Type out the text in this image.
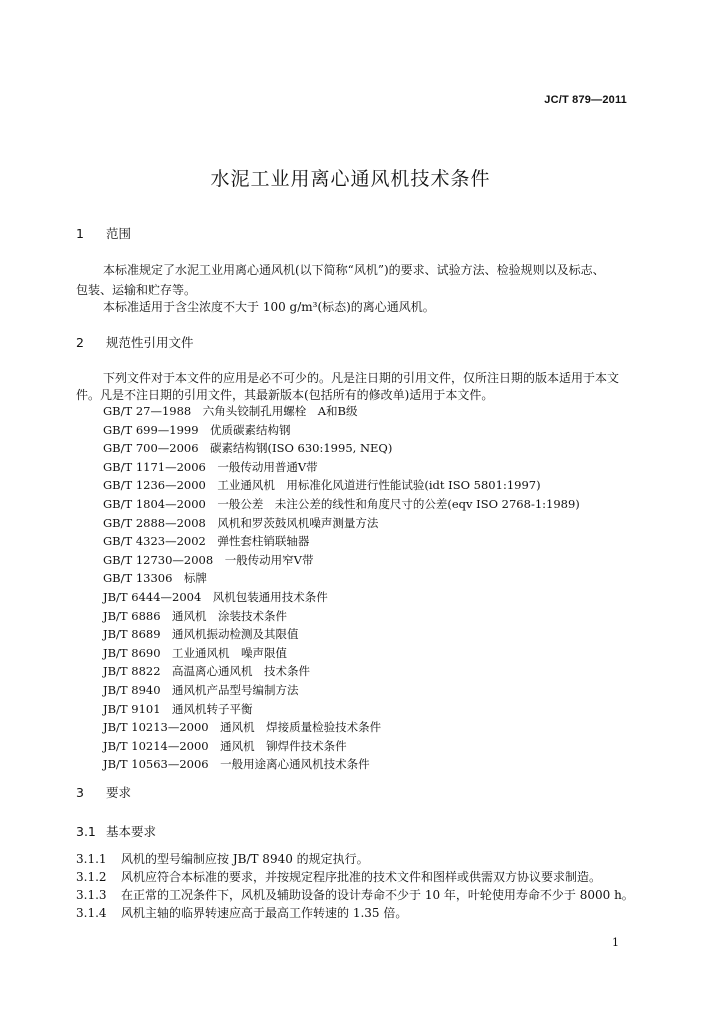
JC/T 879—2011
水泥工业用离心通风机技术条件
1 范围
本标准规定了水泥工业用离心通风机(以下简称“风机”)的要求、试验方法、检验规则以及标志、
包装、运输和贮存等。
本标准适用于含尘浓度不大于 100 g/m³(标态)的离心通风机。
2 规范性引用文件
下列文件对于本文件的应用是必不可少的。凡是注日期的引用文件，仅所注日期的版本适用于本文
件。凡是不注日期的引用文件，其最新版本(包括所有的修改单)适用于本文件。
GB/T 27—1988　六角头铰制孔用螺栓　A和B级
GB/T 699—1999　优质碳素结构钢
GB/T 700—2006　碳素结构钢(ISO 630:1995, NEQ)
GB/T 1171—2006　一般传动用普通V带
GB/T 1236—2000　工业通风机　用标准化风道进行性能试验(idt ISO 5801:1997)
GB/T 1804—2000　一般公差　未注公差的线性和角度尺寸的公差(eqv ISO 2768-1:1989)
GB/T 2888—2008　风机和罗茨鼓风机噪声测量方法
GB/T 4323—2002　弹性套柱销联轴器
GB/T 12730—2008　一般传动用窄V带
GB/T 13306　标牌
JB/T 6444—2004　风机包装通用技术条件
JB/T 6886　通风机　涂装技术条件
JB/T 8689　通风机振动检测及其限值
JB/T 8690　工业通风机　噪声限值
JB/T 8822　高温离心通风机　技术条件
JB/T 8940　通风机产品型号编制方法
JB/T 9101　通风机转子平衡
JB/T 10213—2000　通风机　焊接质量检验技术条件
JB/T 10214—2000　通风机　铆焊件技术条件
JB/T 10563—2006　一般用途离心通风机技术条件
3 要求
3.1 基本要求
3.1.1 风机的型号编制应按 JB/T 8940 的规定执行。
3.1.2 风机应符合本标准的要求，并按规定程序批准的技术文件和图样或供需双方协议要求制造。
3.1.3 在正常的工况条件下，风机及辅助设备的设计寿命不少于 10 年，叶轮使用寿命不少于 8000 h。
3.1.4 风机主轴的临界转速应高于最高工作转速的 1.35 倍。
1
